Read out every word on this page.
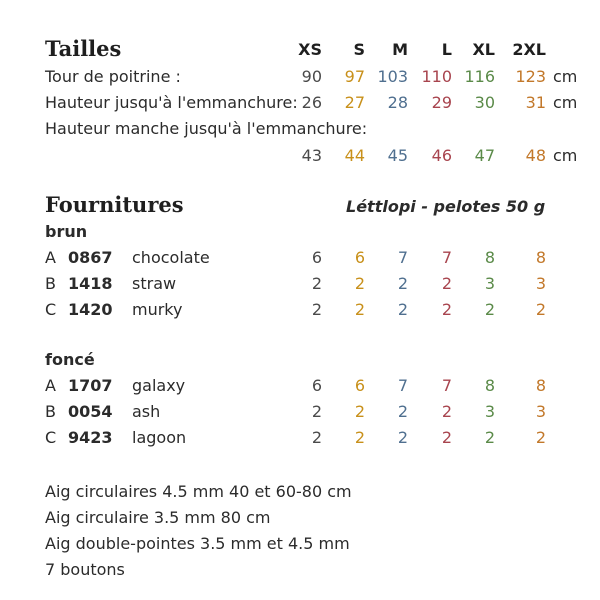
Tailles	XS	S	M	L	XL	2XL
Tour de poitrine :	90	97 103 110 116	123 cm
Hauteur jusqu'à l'emmanchure: 26	27	28	29	30	31 cm
Hauteur manche jusqu'à l'emmanchure:
43	44	45	46	47	48 cm
Fournitures	Léttlopi - pelotes 50 g
brun
A 0867 chocolate	6	6	7	7	8	8
B 1418 straw	2	2	2	2	3	3
C 1420 murky	2	2	2	2	2	2
foncé
A 1707 galaxy	6	6	7	7	8	8
B 0054 ash	2	2	2	2	3	3
C 9423 lagoon	2	2	2	2	2	2
Aig circulaires 4.5 mm 40 et 60-80 cm
Aig circulaire 3.5 mm 80 cm
Aig double-pointes 3.5 mm et 4.5 mm
7 boutons
